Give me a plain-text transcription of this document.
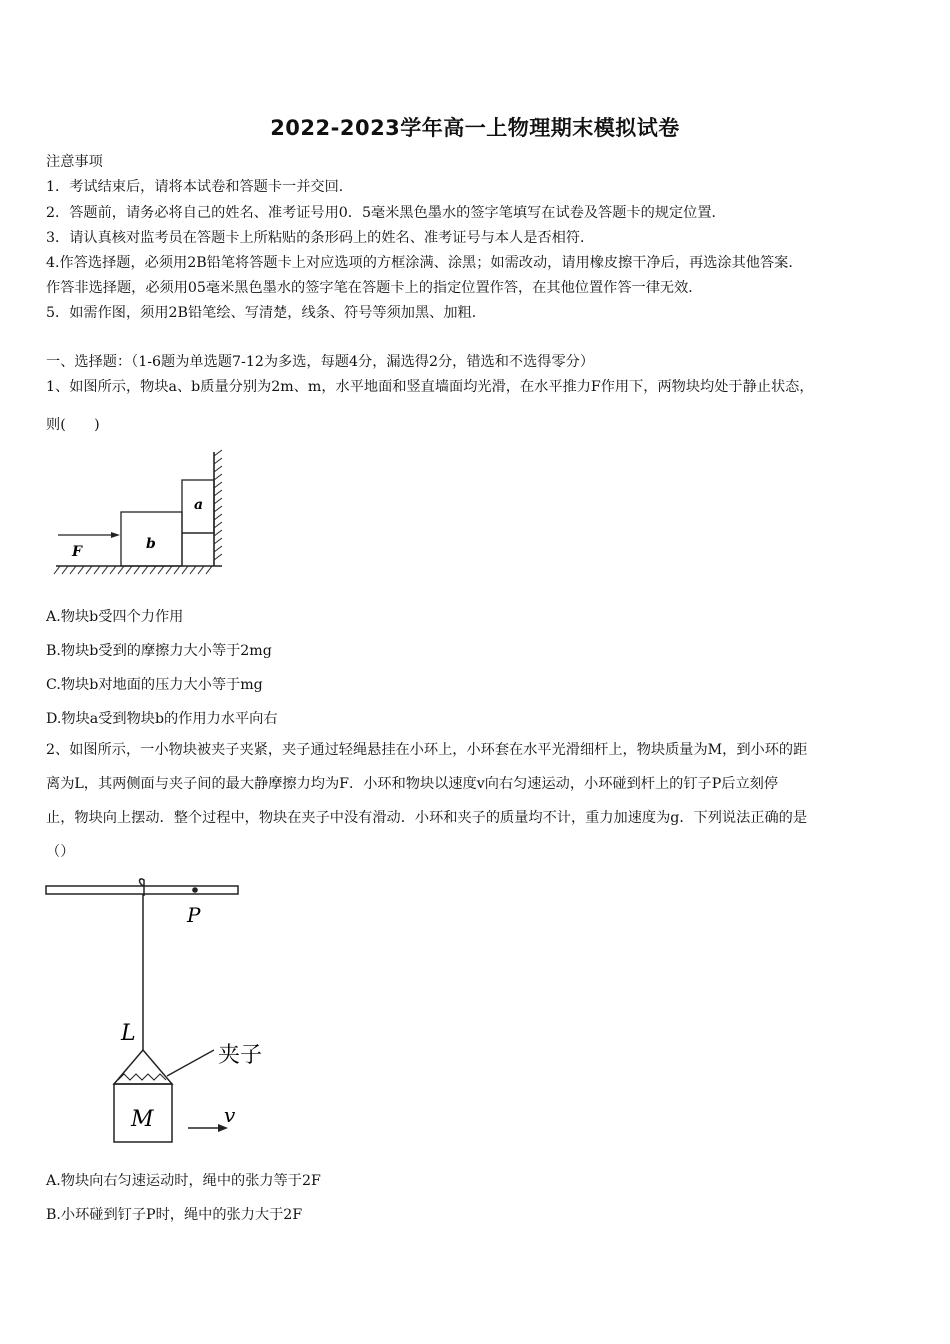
2022-2023学年高一上物理期末模拟试卷
注意事项
1．考试结束后，请将本试卷和答题卡一并交回．
2．答题前，请务必将自己的姓名、准考证号用0．5毫米黑色墨水的签字笔填写在试卷及答题卡的规定位置．
3．请认真核对监考员在答题卡上所粘贴的条形码上的姓名、准考证号与本人是否相符．
4.作答选择题，必须用2B铅笔将答题卡上对应选项的方框涂满、涂黑；如需改动，请用橡皮擦干净后，再选涂其他答案．
作答非选择题，必须用05毫米黑色墨水的签字笔在答题卡上的指定位置作答，在其他位置作答一律无效．
5．如需作图，须用2B铅笔绘、写清楚，线条、符号等须加黑、加粗．
一、选择题：（1-6题为单选题7-12为多选，每题4分，漏选得2分，错选和不选得零分）
1、如图所示，物块a、b质量分别为2m、m，水平地面和竖直墙面均光滑，在水平推力F作用下，两物块均处于静止状态，
则(　　)
F	b
a
A.物块b受四个力作用
B.物块b受到的摩擦力大小等于2mg
C.物块b对地面的压力大小等于mg
D.物块a受到物块b的作用力水平向右
2、如图所示，一小物块被夹子夹紧，夹子通过轻绳悬挂在小环上，小环套在水平光滑细杆上，物块质量为M，到小环的距
离为L，其两侧面与夹子间的最大静摩擦力均为F．小环和物块以速度v向右匀速运动，小环碰到杆上的钉子P后立刻停
止，物块向上摆动．整个过程中，物块在夹子中没有滑动．小环和夹子的质量均不计，重力加速度为g．下列说法正确的是
（）
P
L
夹子
M	v
A.物块向右匀速运动时，绳中的张力等于2F
B.小环碰到钉子P时，绳中的张力大于2F
